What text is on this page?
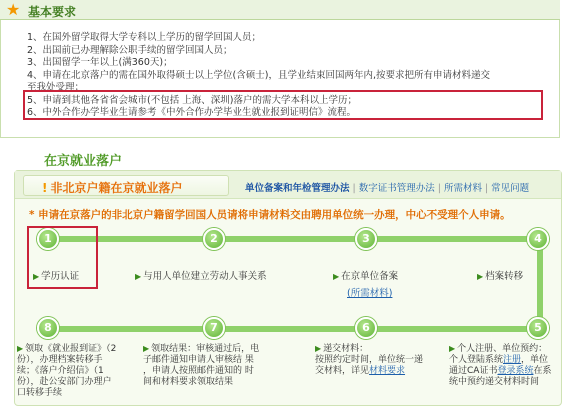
★ 基本要求
1、在国外留学取得大学专科以上学历的留学回国人员；
2、出国前已办理解除公职手续的留学回国人员；
3、出国留学一年以上(满360天)；
4、申请在北京落户的需在国外取得硕士以上学位(含硕士)，且学业结束回国两年内,按要求把所有申请材料递交
至我处受理；
5、申请到其他各省省会城市(不包括 上海、深圳)落户的需大学本科以上学历；
6、中外合作办学毕业生请参考《中外合作办学毕业生就业报到证明信》流程。
在京就业落户
! 非北京户籍在京就业落户	单位备案和年检管理办法 | 数字证书管理办法 | 所需材料 | 常见问题
* 申请在京落户的非北京户籍留学回国人员请将申请材料交由聘用单位统一办理，中心不受理个人申请。
1	2	3	4
▶ 学历认证	▶ 与用人单位建立劳动人事关系	▶ 在京单位备案
(所需材料)
▶ 档案转移
8	7	6	5
▶ 领取《就业报到证》（2
份），办理档案转移手
续；《落户介绍信》（1
份），赴公安部门办理户
口转移手续
▶ 领取结果：审核通过后，电
子邮件通知申请人审核结 果
，申请人按照邮件通知的 时
间和材料要求领取结果
▶ 递交材料：
按照约定时间，单位统一递
交材料，详见材料要求
▶ 个人注册、单位预约：
个人登陆系统注册，单位
通过CA证书登录系统在系
统中预约递交材料时间
